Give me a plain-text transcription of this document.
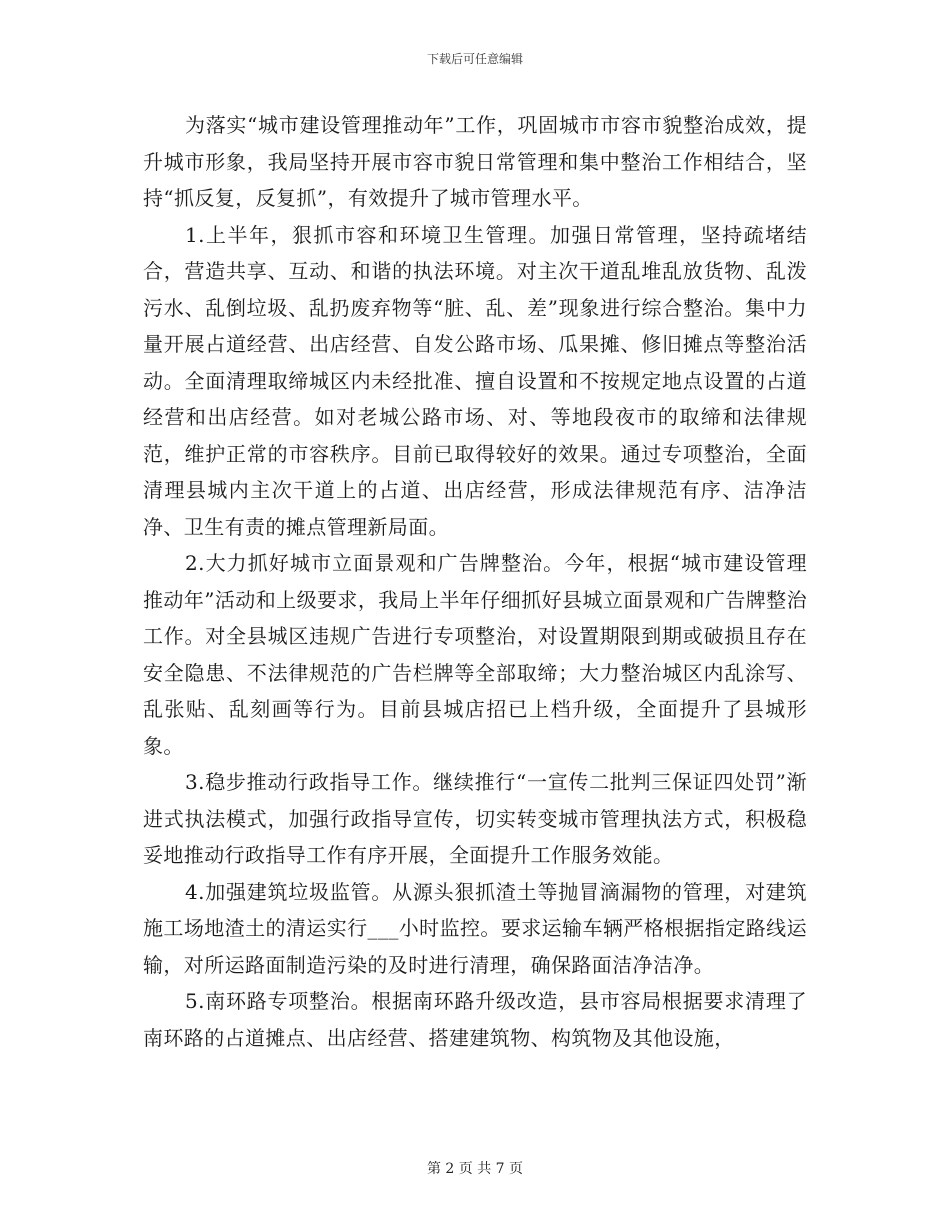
下载后可任意编辑

为落实“城市建设管理推动年”工作，巩固城市市容市貌整治成效，提升城市形象，我局坚持开展市容市貌日常管理和集中整治工作相结合，坚持“抓反复，反复抓”，有效提升了城市管理水平。

1.上半年，狠抓市容和环境卫生管理。加强日常管理，坚持疏堵结合，营造共享、互动、和谐的执法环境。对主次干道乱堆乱放货物、乱泼污水、乱倒垃圾、乱扔废弃物等“脏、乱、差”现象进行综合整治。集中力量开展占道经营、出店经营、自发公路市场、瓜果摊、修旧摊点等整治活动。全面清理取缔城区内未经批准、擅自设置和不按规定地点设置的占道经营和出店经营。如对老城公路市场、对、等地段夜市的取缔和法律规范，维护正常的市容秩序。目前已取得较好的效果。通过专项整治，全面清理县城内主次干道上的占道、出店经营，形成法律规范有序、洁净洁净、卫生有责的摊点管理新局面。

2.大力抓好城市立面景观和广告牌整治。今年，根据“城市建设管理推动年”活动和上级要求，我局上半年仔细抓好县城立面景观和广告牌整治工作。对全县城区违规广告进行专项整治，对设置期限到期或破损且存在安全隐患、不法律规范的广告栏牌等全部取缔；大力整治城区内乱涂写、乱张贴、乱刻画等行为。目前县城店招已上档升级，全面提升了县城形象。

3.稳步推动行政指导工作。继续推行“一宣传二批判三保证四处罚”渐进式执法模式，加强行政指导宣传，切实转变城市管理执法方式，积极稳妥地推动行政指导工作有序开展，全面提升工作服务效能。

4.加强建筑垃圾监管。从源头狠抓渣土等抛冒滴漏物的管理，对建筑施工场地渣土的清运实行___小时监控。要求运输车辆严格根据指定路线运输，对所运路面制造污染的及时进行清理，确保路面洁净洁净。

5.南环路专项整治。根据南环路升级改造，县市容局根据要求清理了南环路的占道摊点、出店经营、搭建建筑物、构筑物及其他设施，

第 2 页 共 7 页
